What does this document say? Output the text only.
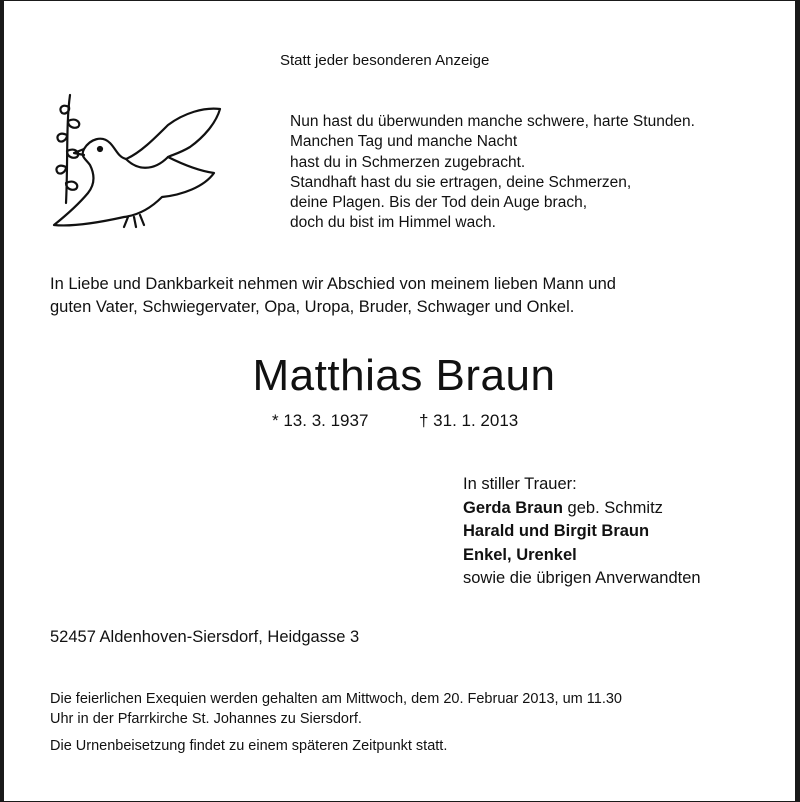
Statt jeder besonderen Anzeige
Nun hast du überwunden manche schwere, harte Stunden.
Manchen Tag und manche Nacht
hast du in Schmerzen zugebracht.
Standhaft hast du sie ertragen, deine Schmerzen,
deine Plagen. Bis der Tod dein Auge brach,
doch du bist im Himmel wach.
In Liebe und Dankbarkeit nehmen wir Abschied von meinem lieben Mann und
guten Vater, Schwiegervater, Opa, Uropa, Bruder, Schwager und Onkel.
Matthias Braun
* 13. 3. 1937	† 31. 1. 2013
In stiller Trauer:
Gerda Braun geb. Schmitz
Harald und Birgit Braun
Enkel, Urenkel
sowie die übrigen Anverwandten
52457 Aldenhoven-Siersdorf, Heidgasse 3
Die feierlichen Exequien werden gehalten am Mittwoch, dem 20. Februar 2013, um 11.30
Uhr in der Pfarrkirche St. Johannes zu Siersdorf.
Die Urnenbeisetzung findet zu einem späteren Zeitpunkt statt.
